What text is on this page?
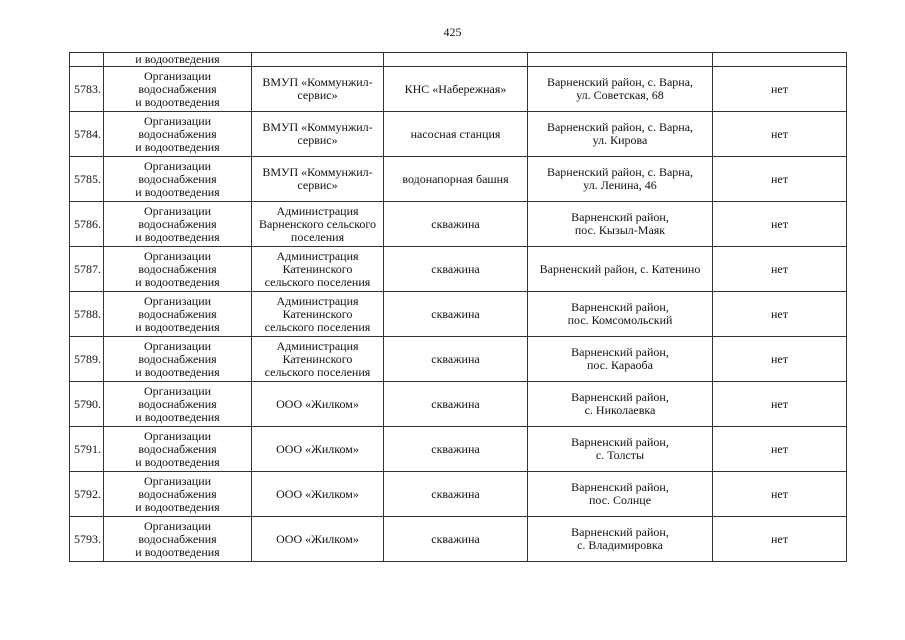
425
	и водоотведения				
5783.	Организации
водоснабжения
и водоотведения	ВМУП «Коммунжил-
сервис»	КНС «Набережная»	Варненский район, с. Варна,
ул. Советская, 68	нет
5784.	Организации
водоснабжения
и водоотведения	ВМУП «Коммунжил-
сервис»	насосная станция	Варненский район, с. Варна,
ул. Кирова	нет
5785.	Организации
водоснабжения
и водоотведения	ВМУП «Коммунжил-
сервис»	водонапорная башня	Варненский район, с. Варна,
ул. Ленина, 46	нет
5786.	Организации
водоснабжения
и водоотведения	Администрация
Варненского сельского
поселения	скважина	Варненский район,
пос. Кызыл-Маяк	нет
5787.	Организации
водоснабжения
и водоотведения	Администрация
Катенинского
сельского поселения	скважина	Варненский район, с. Катенино	нет
5788.	Организации
водоснабжения
и водоотведения	Администрация
Катенинского
сельского поселения	скважина	Варненский район,
пос. Комсомольский	нет
5789.	Организации
водоснабжения
и водоотведения	Администрация
Катенинского
сельского поселения	скважина	Варненский район,
пос. Караоба	нет
5790.	Организации
водоснабжения
и водоотведения	ООО «Жилком»	скважина	Варненский район,
с. Николаевка	нет
5791.	Организации
водоснабжения
и водоотведения	ООО «Жилком»	скважина	Варненский район,
с. Толсты	нет
5792.	Организации
водоснабжения
и водоотведения	ООО «Жилком»	скважина	Варненский район,
пос. Солнце	нет
5793.	Организации
водоснабжения
и водоотведения	ООО «Жилком»	скважина	Варненский район,
с. Владимировка	нет
